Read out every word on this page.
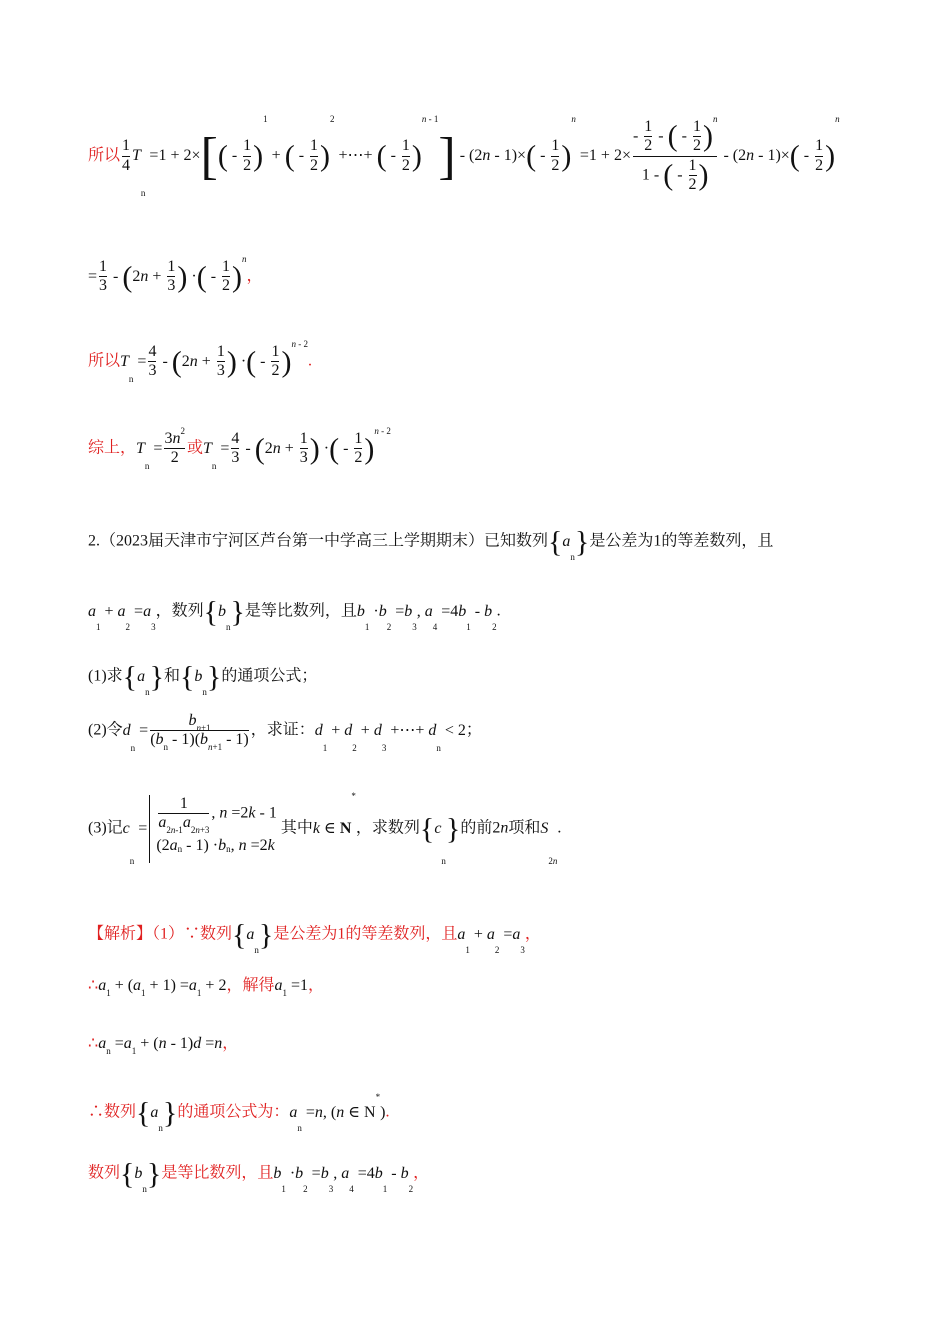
所以 $\frac{1}{4}$ $Tn =1 + 2\times[( - \frac{1}{2} )^1$ + ( - $\frac{1}{2} )^2$ +⋯+ ( - $\frac{1}{2} )^{n - 1}] - (2n - 1)\times( - \frac{1}{2} )^n =1 + 2\times \frac{- \frac{1}{2} - ( - \frac{1}{2} )^n}{1 - ( - \frac{1}{2} )} - (2n - 1)\times( - \frac{1}{2} )^n$
= $\frac{1}{3} - (2n + \frac{1}{3}$ ) ·( - $\frac{1}{2} )^n$，
所以$Tn = \frac{4}{3} - (2n + \frac{1}{3}$ ) ·( - $\frac{1}{2} )^{n - 2}$.
综上，$Tn = \frac{3n^2}{2}$ 或$Tn = \frac{4}{3} - (2n + \frac{1}{3}$ ) ·( - $\frac{1}{2} )^{n - 2}$
2.（2023届天津市宁河区芦台第一中学高三上学期期末）已知数列{an}是公差为1的等差数列，且
a1 + a2 =a3，数列{bn}是等比数列，且b1 ·b2 =b3, a4 =4b1 - b2.
(1)求{an}和{bn}的通项公式；
(2)令dn = $\frac{bn+1}{(bn - 1)(bn+1 - 1)}$ ，求证：d1 + d2 + d3 +⋯+ dn < 2；
(3)记cn = $\frac{1}{a2n-1a2n+3}$ , n =2k - 1
(2an - 1) ·bn, n =2k
其中k ∈ N*，求数列{cn}的前2n项和S2n.
【解析】（1）∵数列{an}是公差为1的等差数列，且a1 + a2 =a3，
∴a1 + (a1 + 1) =a1 + 2，解得a1 =1，
∴an =a1 + (n - 1)d =n，
∴数列{an}的通项公式为：an =n, (n ∈ N*).
数列{bn}是等比数列，且b1 ·b2 =b3, a4 =4b1 - b2，
